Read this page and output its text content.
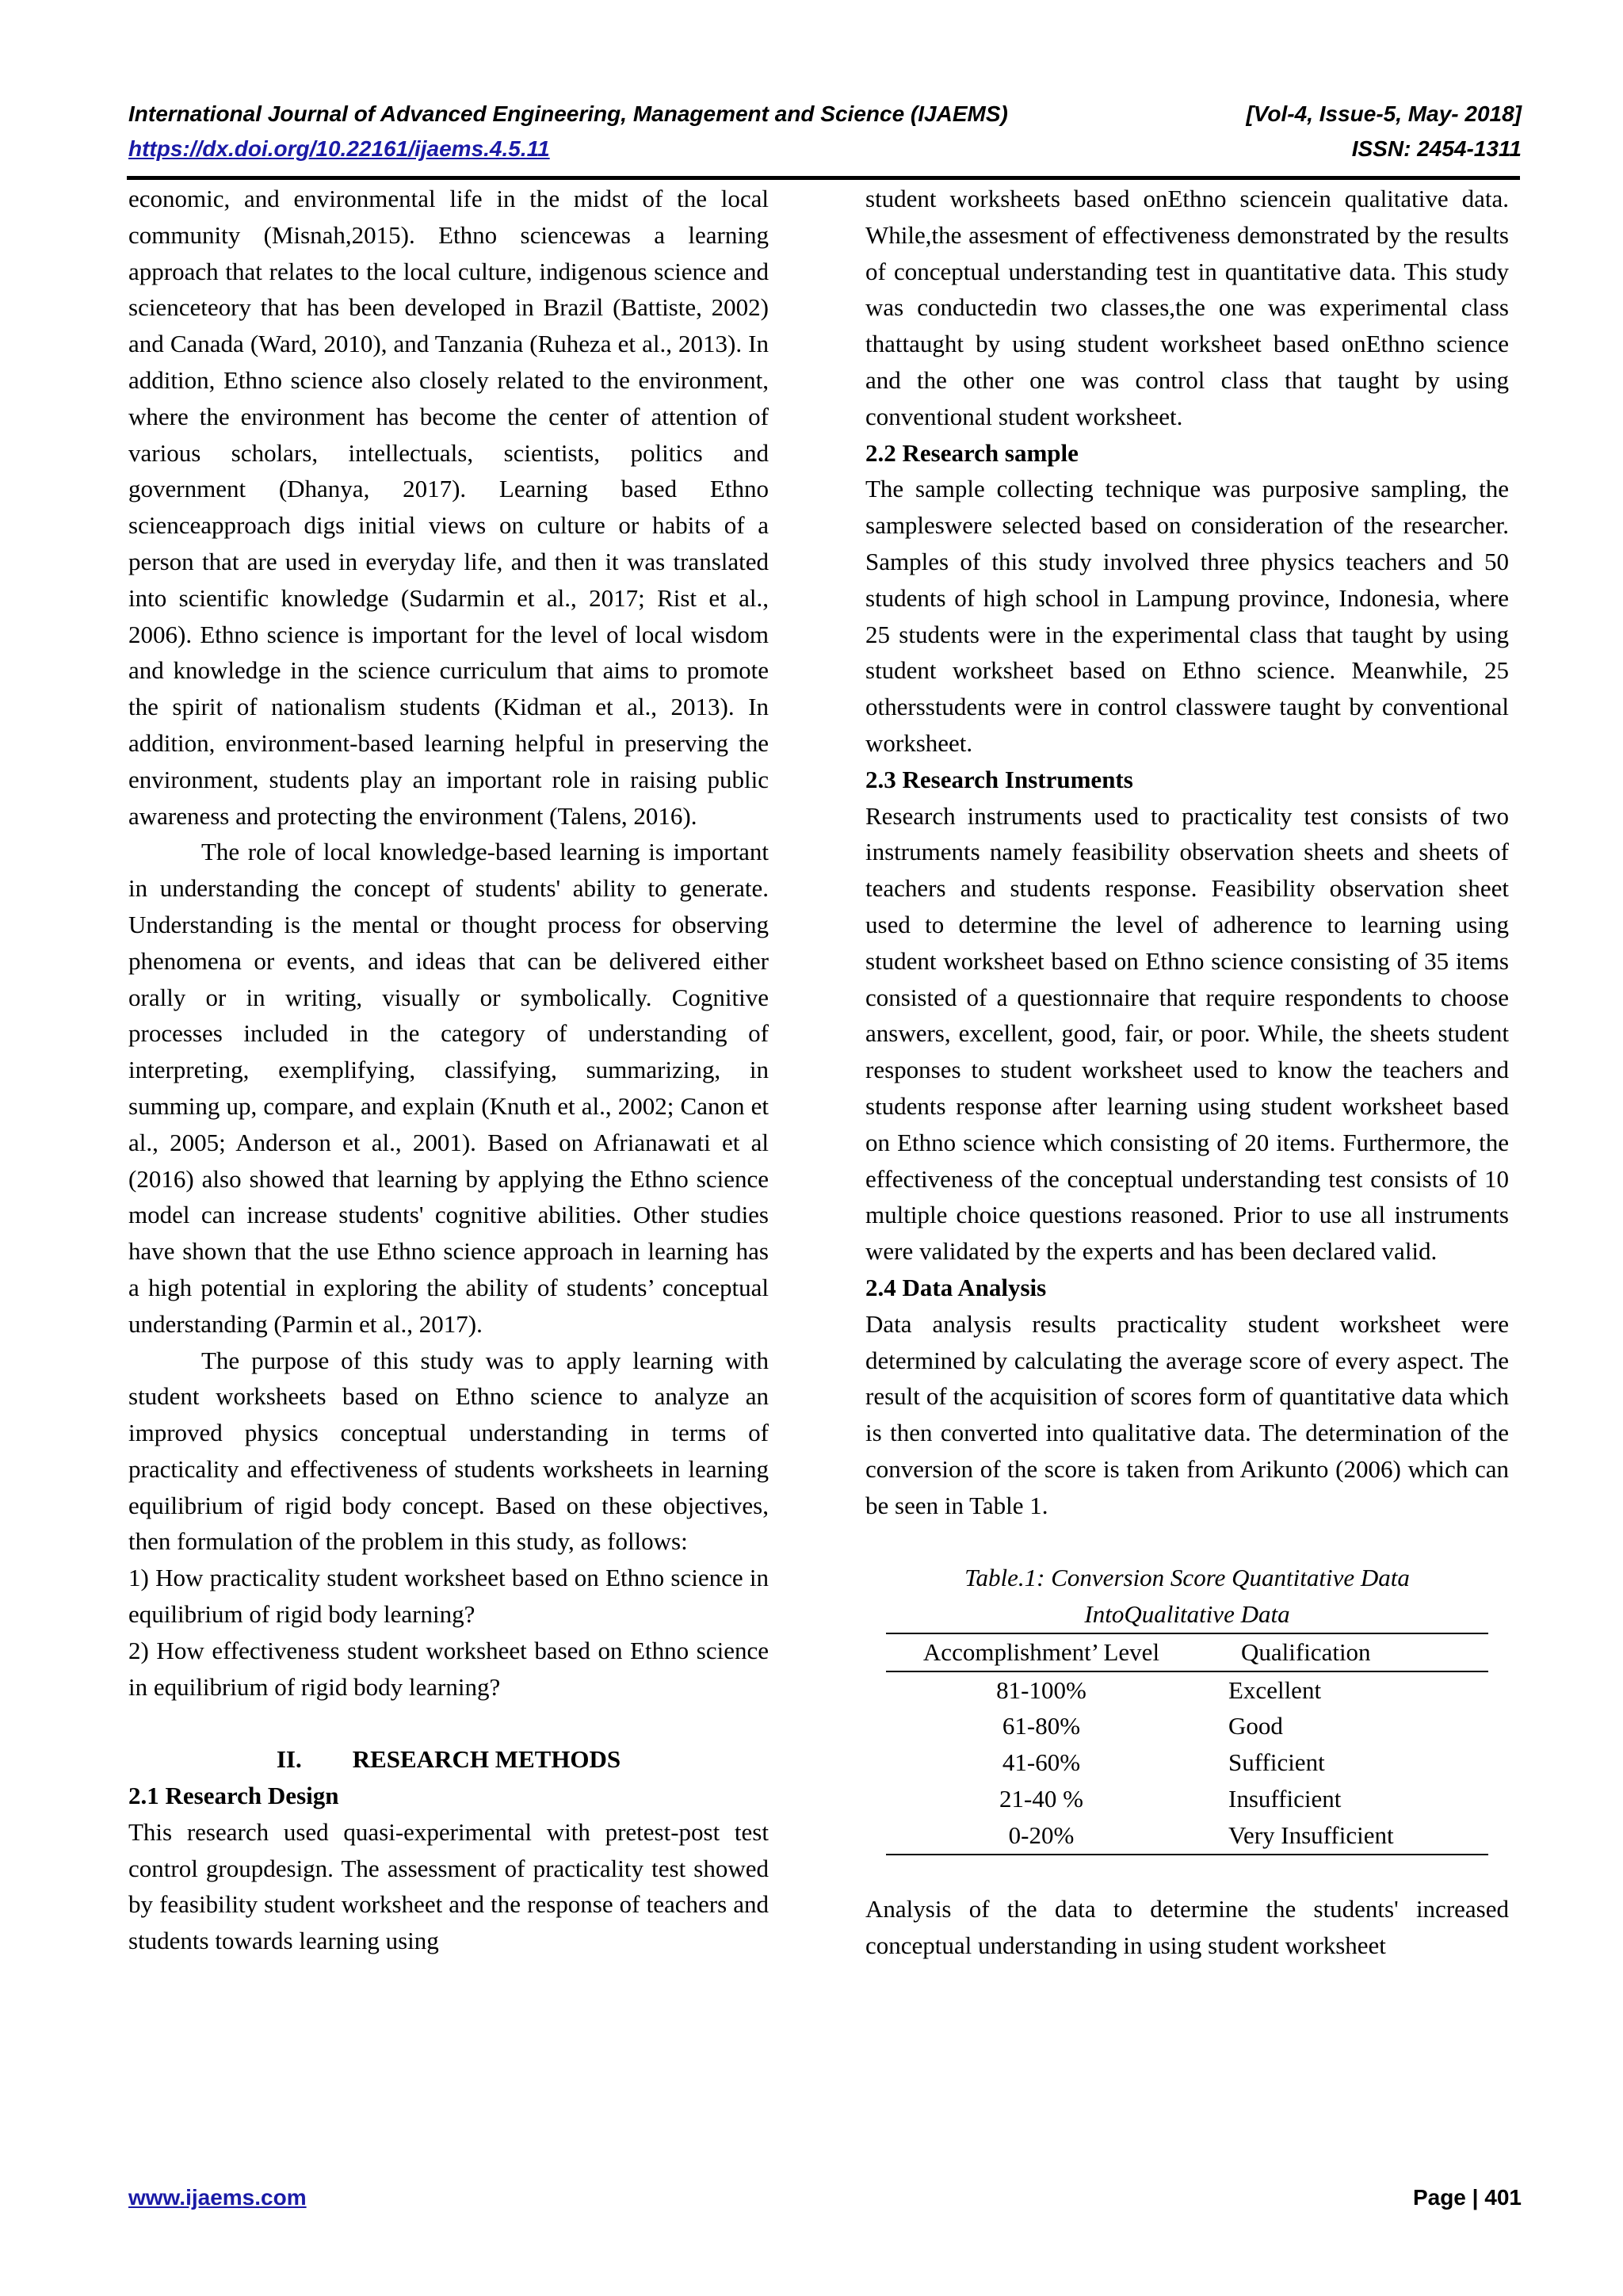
International Journal of Advanced Engineering, Management and Science (IJAEMS)	[Vol-4, Issue-5, May- 2018]
https://dx.doi.org/10.22161/ijaems.4.5.11	ISSN: 2454-1311

economic, and environmental life in the midst of the local community (Misnah,2015). Ethno sciencewas a learning approach that relates to the local culture, indigenous science and scienceteory that has been developed in Brazil (Battiste, 2002) and Canada (Ward, 2010), and Tanzania (Ruheza et al., 2013). In addition, Ethno science also closely related to the environment, where the environment has become the center of attention of various scholars, intellectuals, scientists, politics and government (Dhanya, 2017). Learning based Ethno scienceapproach digs initial views on culture or habits of a person that are used in everyday life, and then it was translated into scientific knowledge (Sudarmin et al., 2017; Rist et al., 2006). Ethno science is important for the level of local wisdom and knowledge in the science curriculum that aims to promote the spirit of nationalism students (Kidman et al., 2013). In addition, environment-based learning helpful in preserving the environment, students play an important role in raising public awareness and protecting the environment (Talens, 2016).

The role of local knowledge-based learning is important in understanding the concept of students' ability to generate. Understanding is the mental or thought process for observing phenomena or events, and ideas that can be delivered either orally or in writing, visually or symbolically. Cognitive processes included in the category of understanding of interpreting, exemplifying, classifying, summarizing, in summing up, compare, and explain (Knuth et al., 2002; Canon et al., 2005; Anderson et al., 2001). Based on Afrianawati et al (2016) also showed that learning by applying the Ethno science model can increase students' cognitive abilities. Other studies have shown that the use Ethno science approach in learning has a high potential in exploring the ability of students’ conceptual understanding (Parmin et al., 2017).

The purpose of this study was to apply learning with student worksheets based on Ethno science to analyze an improved physics conceptual understanding in terms of practicality and effectiveness of students worksheets in learning equilibrium of rigid body concept. Based on these objectives, then formulation of the problem in this study, as follows:

1) How practicality student worksheet based on Ethno science in equilibrium of rigid body learning?

2) How effectiveness student worksheet based on Ethno science in equilibrium of rigid body learning?

II. RESEARCH METHODS

2.1 Research Design

This research used quasi-experimental with pretest-post test control groupdesign. The assessment of practicality test showed by feasibility student worksheet and the response of teachers and students towards learning using

student worksheets based onEthno sciencein qualitative data. While,the assesment of effectiveness demonstrated by the results of conceptual understanding test in quantitative data. This study was conductedin two classes,the one was experimental class thattaught by using student worksheet based onEthno science and the other one was control class that taught by using conventional student worksheet.

2.2 Research sample

The sample collecting technique was purposive sampling, the sampleswere selected based on consideration of the researcher. Samples of this study involved three physics teachers and 50 students of high school in Lampung province, Indonesia, where 25 students were in the experimental class that taught by using student worksheet based on Ethno science. Meanwhile, 25 othersstudents were in control classwere taught by conventional worksheet.

2.3 Research Instruments

Research instruments used to practicality test consists of two instruments namely feasibility observation sheets and sheets of teachers and students response. Feasibility observation sheet used to determine the level of adherence to learning using student worksheet based on Ethno science consisting of 35 items consisted of a questionnaire that require respondents to choose answers, excellent, good, fair, or poor. While, the sheets student responses to student worksheet used to know the teachers and students response after learning using student worksheet based on Ethno science which consisting of 20 items. Furthermore, the effectiveness of the conceptual understanding test consists of 10 multiple choice questions reasoned. Prior to use all instruments were validated by the experts and has been declared valid.

2.4 Data Analysis

Data analysis results practicality student worksheet were determined by calculating the average score of every aspect. The result of the acquisition of scores form of quantitative data which is then converted into qualitative data. The determination of the conversion of the score is taken from Arikunto (2006) which can be seen in Table 1.

Table.1: Conversion Score Quantitative Data

IntoQualitative Data

Accomplishment’ Level	Qualification
81-100%	Excellent
61-80%	Good
41-60%	Sufficient
21-40 %	Insufficient
0-20%	Very Insufficient

Analysis of the data to determine the students' increased conceptual understanding in using student worksheet

www.ijaems.com	Page | 401
